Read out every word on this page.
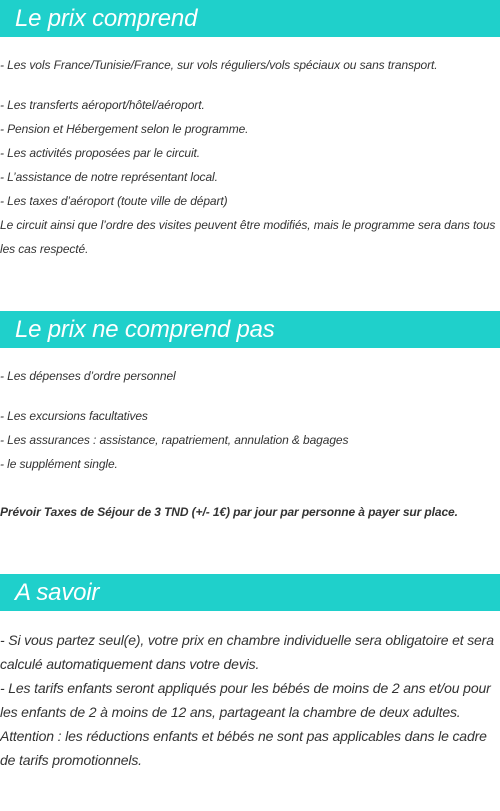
Le prix comprend

- Les vols France/Tunisie/France, sur vols réguliers/vols spéciaux ou sans transport.

- Les transferts aéroport/hôtel/aéroport.

- Pension et Hébergement selon le programme.

- Les activités proposées par le circuit.

- L’assistance de notre représentant local.

- Les taxes d’aéroport (toute ville de départ)

Le circuit ainsi que l’ordre des visites peuvent être modifiés, mais le programme sera dans tous les cas respecté.

Le prix ne comprend pas

- Les dépenses d’ordre personnel

- Les excursions facultatives

- Les assurances : assistance, rapatriement, annulation & bagages

- le supplément single.

Prévoir Taxes de Séjour de 3 TND (+/- 1€) par jour par personne à payer sur place.

A savoir

- Si vous partez seul(e), votre prix en chambre individuelle sera obligatoire et sera calculé automatiquement dans votre devis.

- Les tarifs enfants seront appliqués pour les bébés de moins de 2 ans et/ou pour les enfants de 2 à moins de 12 ans, partageant la chambre de deux adultes.

Attention : les réductions enfants et bébés ne sont pas applicables dans le cadre de tarifs promotionnels.
